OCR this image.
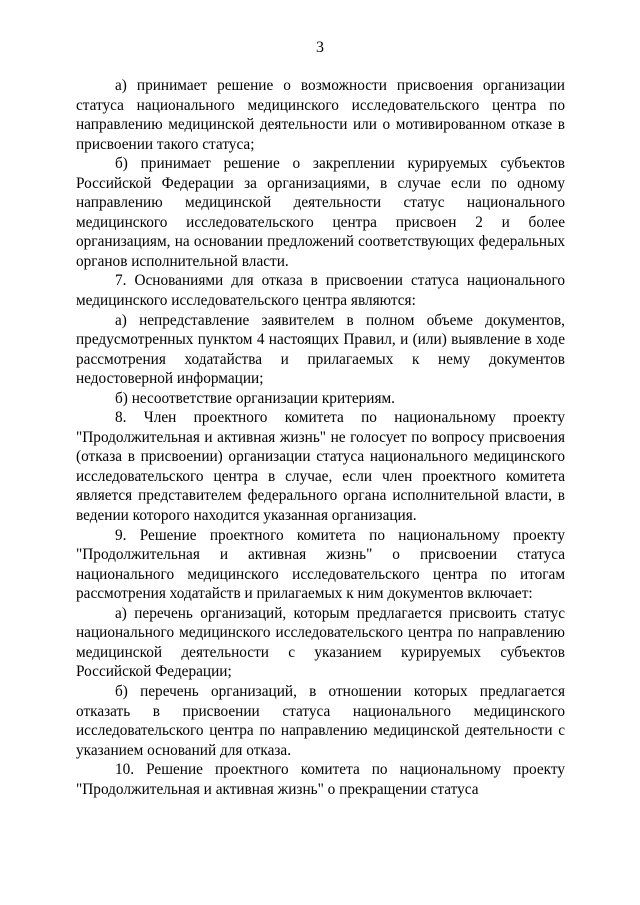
3

а) принимает решение о возможности присвоения организации статуса национального медицинского исследовательского центра по направлению медицинской деятельности или о мотивированном отказе в присвоении такого статуса;

б) принимает решение о закреплении курируемых субъектов Российской Федерации за организациями, в случае если по одному направлению медицинской деятельности статус национального медицинского исследовательского центра присвоен 2 и более организациям, на основании предложений соответствующих федеральных органов исполнительной власти.

7. Основаниями для отказа в присвоении статуса национального медицинского исследовательского центра являются:

а) непредставление заявителем в полном объеме документов, предусмотренных пунктом 4 настоящих Правил, и (или) выявление в ходе рассмотрения ходатайства и прилагаемых к нему документов недостоверной информации;

б) несоответствие организации критериям.

8. Член проектного комитета по национальному проекту "Продолжительная и активная жизнь" не голосует по вопросу присвоения (отказа в присвоении) организации статуса национального медицинского исследовательского центра в случае, если член проектного комитета является представителем федерального органа исполнительной власти, в ведении которого находится указанная организация.

9. Решение проектного комитета по национальному проекту "Продолжительная и активная жизнь" о присвоении статуса национального медицинского исследовательского центра по итогам рассмотрения ходатайств и прилагаемых к ним документов включает:

а) перечень организаций, которым предлагается присвоить статус национального медицинского исследовательского центра по направлению медицинской деятельности с указанием курируемых субъектов Российской Федерации;

б) перечень организаций, в отношении которых предлагается отказать в присвоении статуса национального медицинского исследовательского центра по направлению медицинской деятельности с указанием оснований для отказа.

10. Решение проектного комитета по национальному проекту "Продолжительная и активная жизнь" о прекращении статуса
